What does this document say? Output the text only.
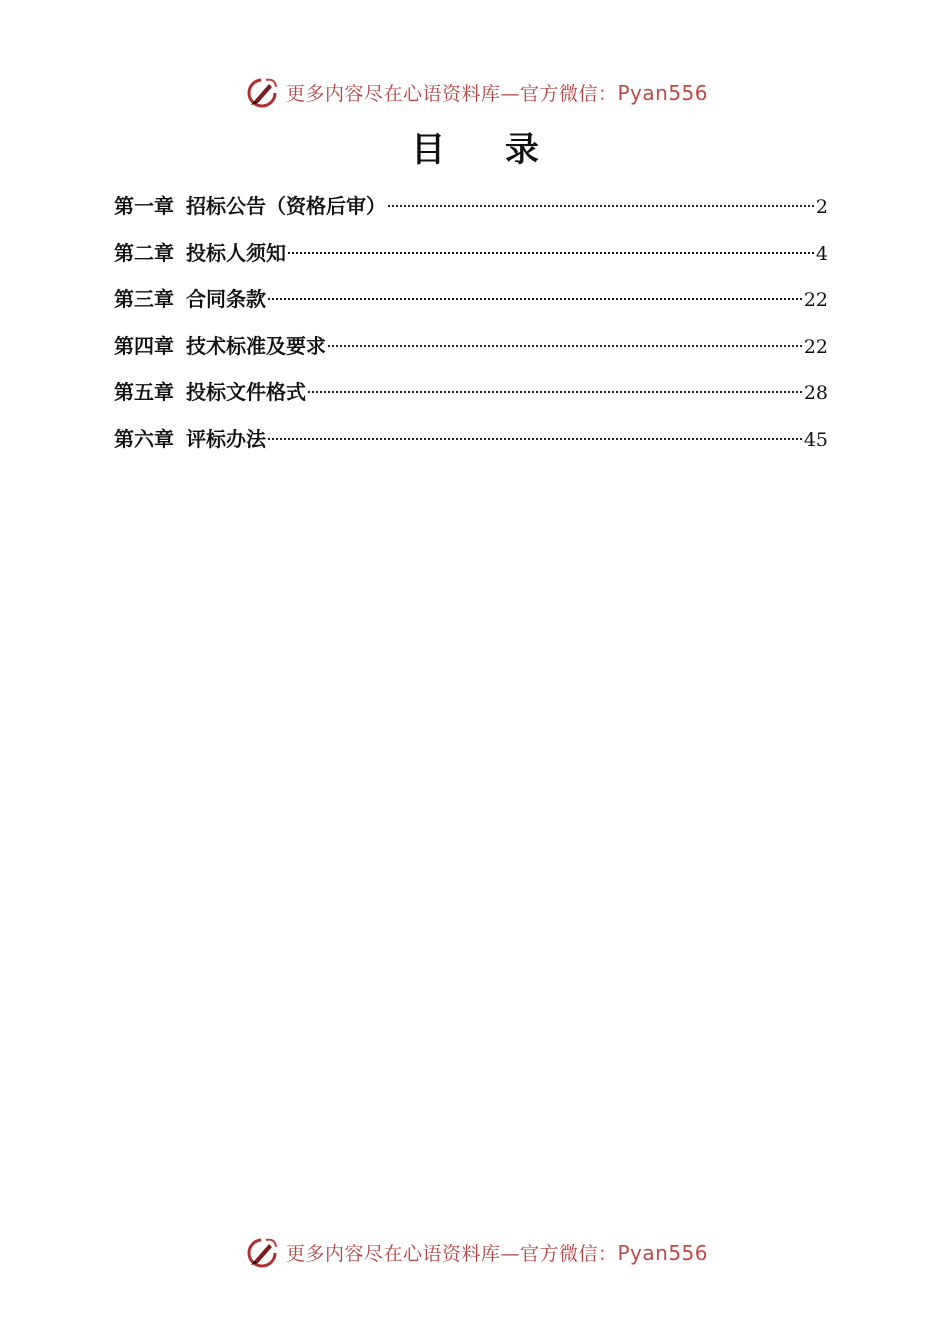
更多内容尽在心语资料库—官方微信：Pyan556
目 录
第一章 招标公告（资格后审）	2
第二章 投标人须知	4
第三章 合同条款	22
第四章 技术标准及要求	22
第五章 投标文件格式	28
第六章 评标办法	45
更多内容尽在心语资料库—官方微信：Pyan556
